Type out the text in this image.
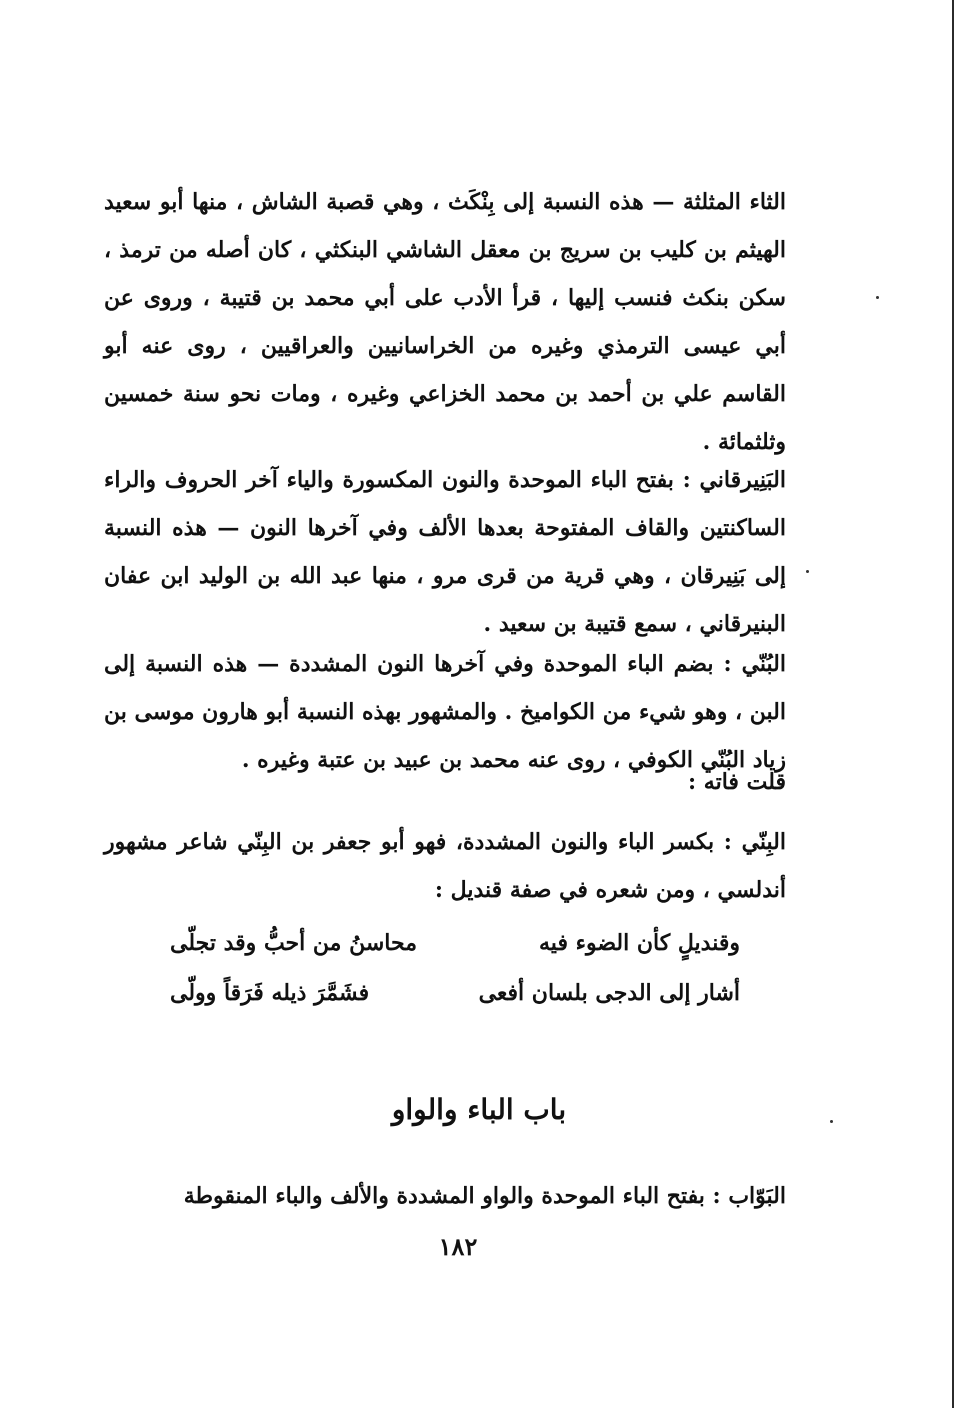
الثاء المثلثة — هذه النسبة إلى بِنْكَث ، وهي قصبة الشاش ، منها أبو سعيد الهيثم بن كليب بن سريج بن معقل الشاشي البنكثي ، كان أصله من ترمذ ، سكن بنكث فنسب إليها ، قرأ الأدب على أبي محمد بن قتيبة ، وروى عن أبي عيسى الترمذي وغيره من الخراسانيين والعراقيين ، روى عنه أبو القاسم علي بن أحمد بن محمد الخزاعي وغيره ، ومات نحو سنة خمسين وثلثمائة .

البَنِيرقاني : بفتح الباء الموحدة والنون المكسورة والياء آخر الحروف والراء الساكنتين والقاف المفتوحة بعدها الألف وفي آخرها النون — هذه النسبة إلى بَنِيرقان ، وهي قرية من قرى مرو ، منها عبد الله بن الوليد ابن عفان البنيرقاني ، سمع قتيبة بن سعيد .

البُنّي : بضم الباء الموحدة وفي آخرها النون المشددة — هذه النسبة إلى البن ، وهو شيء من الكواميخ . والمشهور بهذه النسبة أبو هارون موسى بن زياد البُنّي الكوفي ، روى عنه محمد بن عبيد بن عتبة وغيره .

قلت فاته :

البِنّي : بكسر الباء والنون المشددة، فهو أبو جعفر بن البِنّي شاعر مشهور أندلسي ، ومن شعره في صفة قنديل :

وقنديلٍ كأن الضوء فيه
محاسنُ من أحبُّ وقد تجلّى
أشار إلى الدجى بلسان أفعى
فشَمَّرَ ذيله فَرَقاً وولّى
باب الباء والواو

البَوّاب : بفتح الباء الموحدة والواو المشددة والألف والباء المنقوطة

١٨٢
